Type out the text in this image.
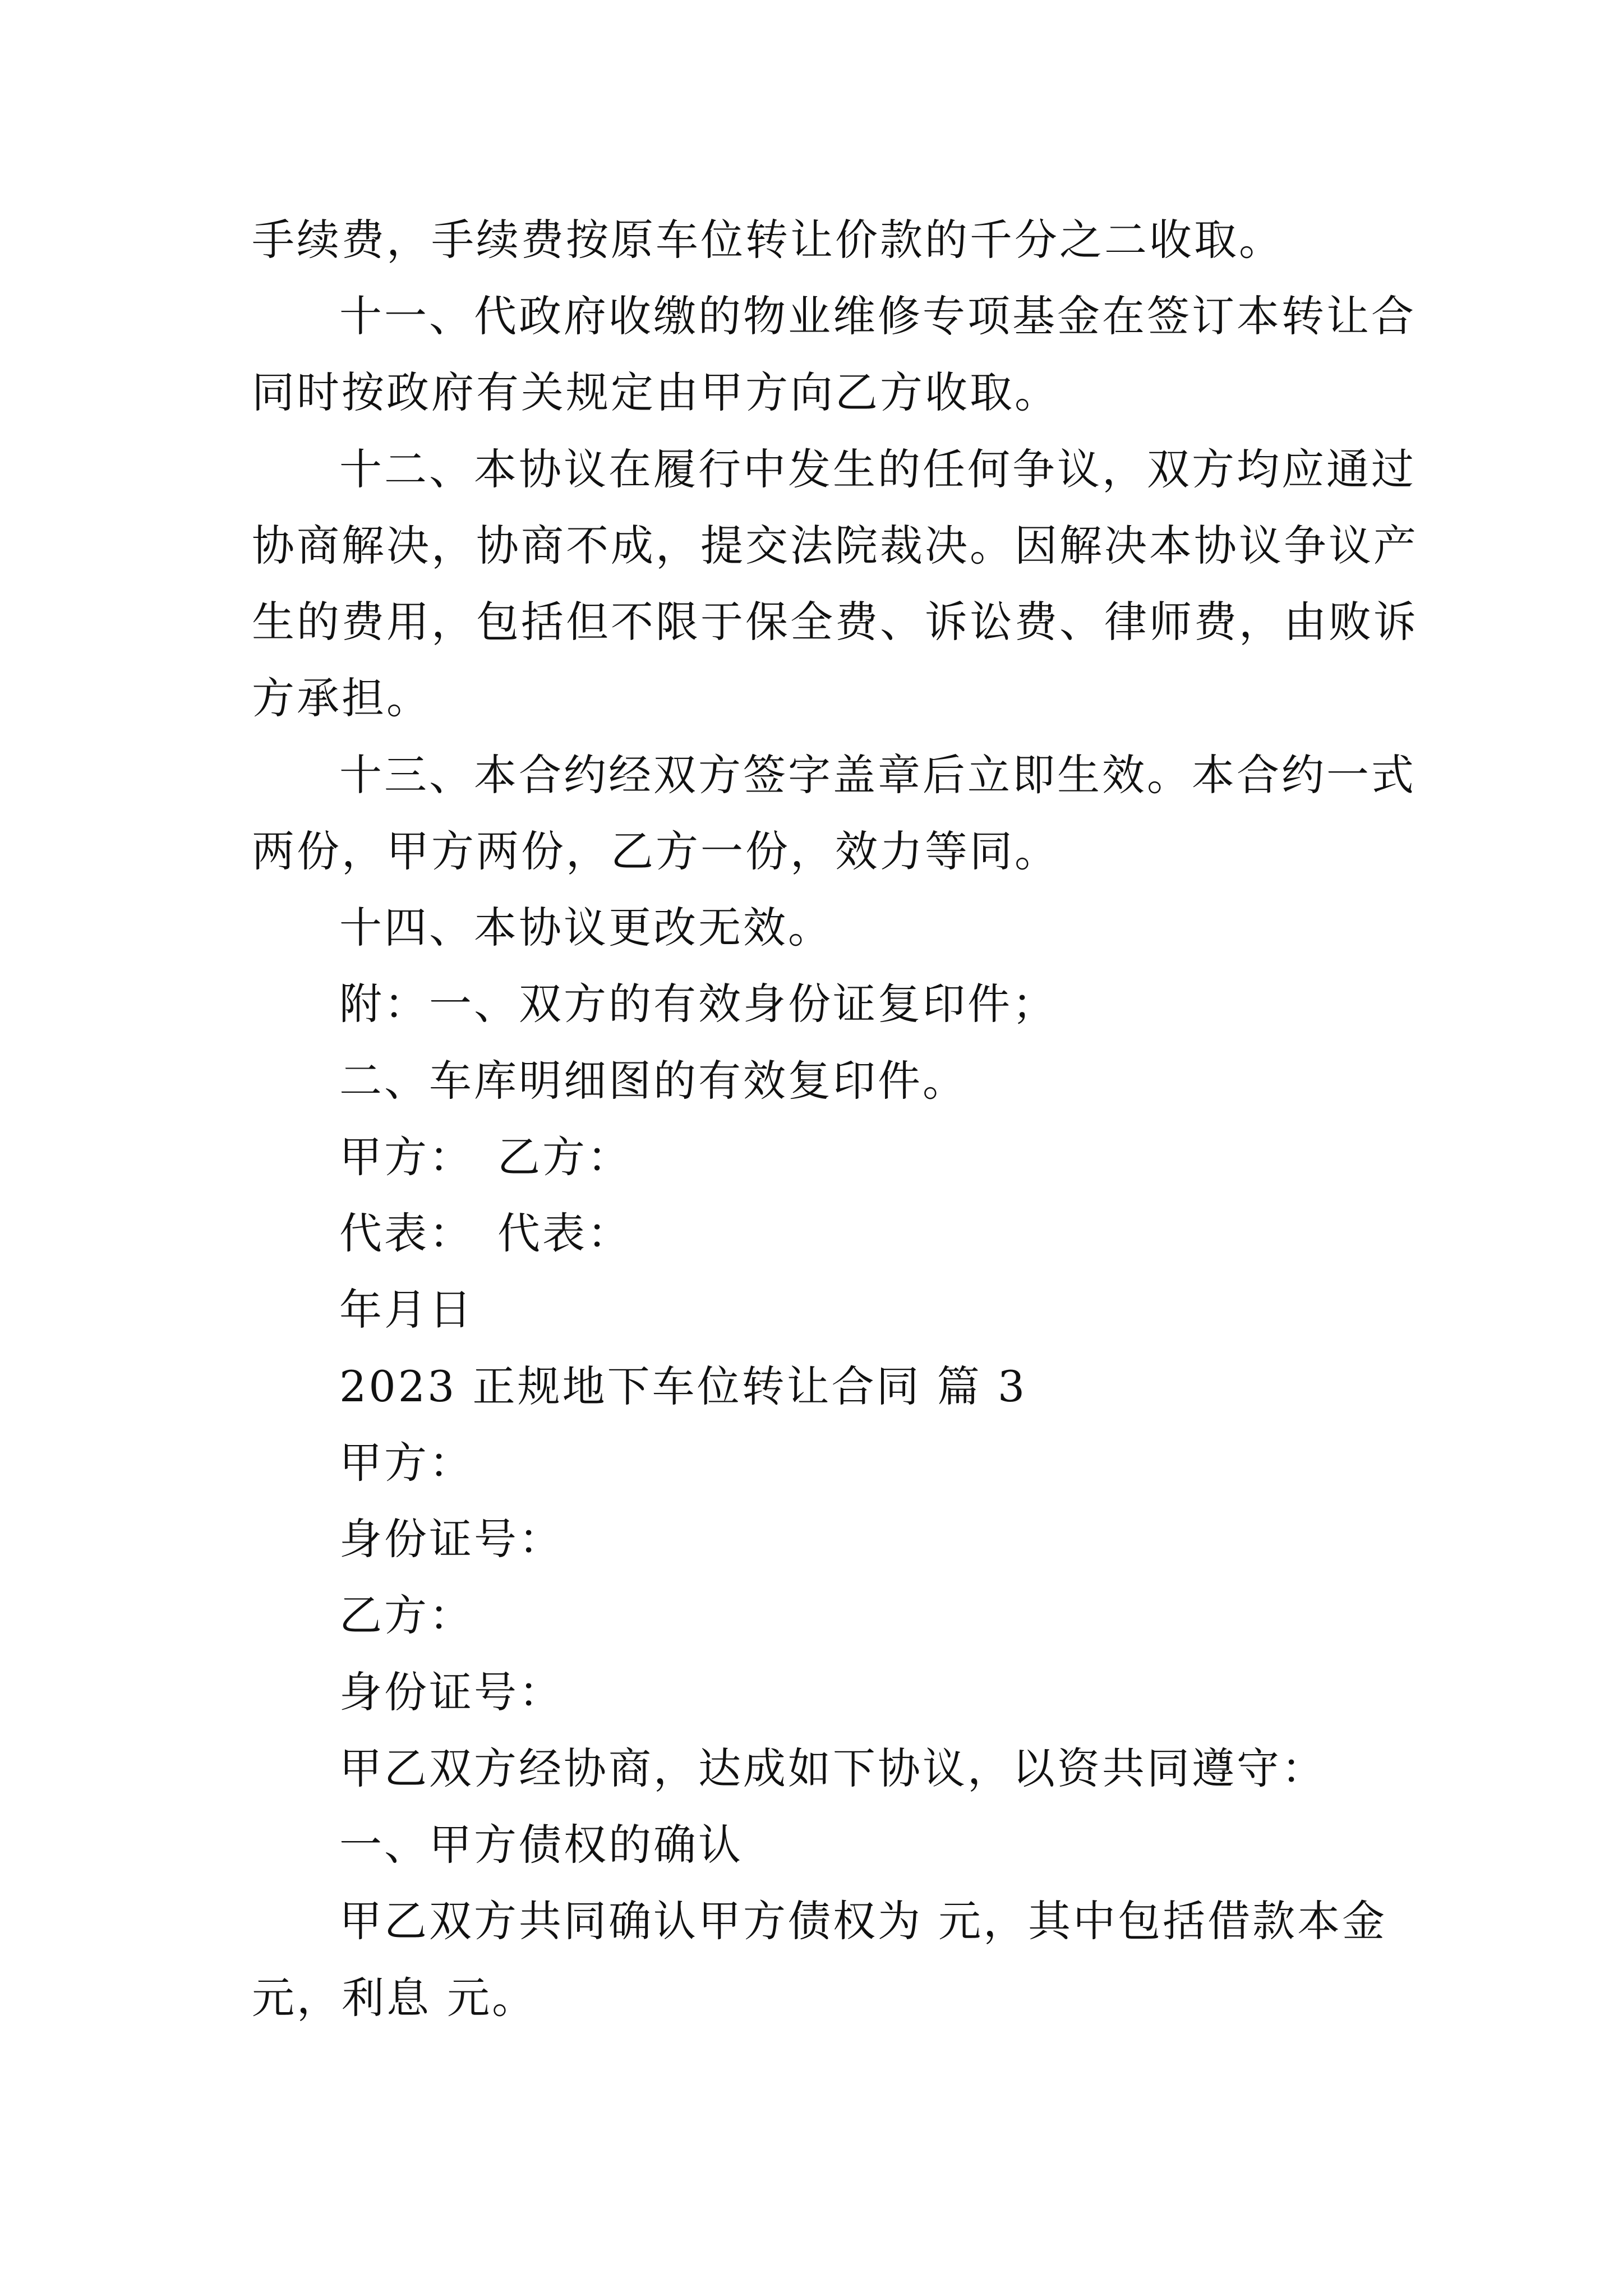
手续费，手续费按原车位转让价款的千分之二收取。
十一、代政府收缴的物业维修专项基金在签订本转让合
同时按政府有关规定由甲方向乙方收取。
十二、本协议在履行中发生的任何争议，双方均应通过
协商解决，协商不成，提交法院裁决。因解决本协议争议产
生的费用，包括但不限于保全费、诉讼费、律师费，由败诉
方承担。
十三、本合约经双方签字盖章后立即生效。本合约一式
两份，甲方两份，乙方一份，效力等同。
十四、本协议更改无效。
附：一、双方的有效身份证复印件；
二、车库明细图的有效复印件。
甲方：　乙方：
代表：　代表：
年月日
2023 正规地下车位转让合同 篇 3
甲方：
身份证号：
乙方：
身份证号：
甲乙双方经协商，达成如下协议，以资共同遵守：
一、甲方债权的确认
甲乙双方共同确认甲方债权为 元，其中包括借款本金
元，利息 元。
